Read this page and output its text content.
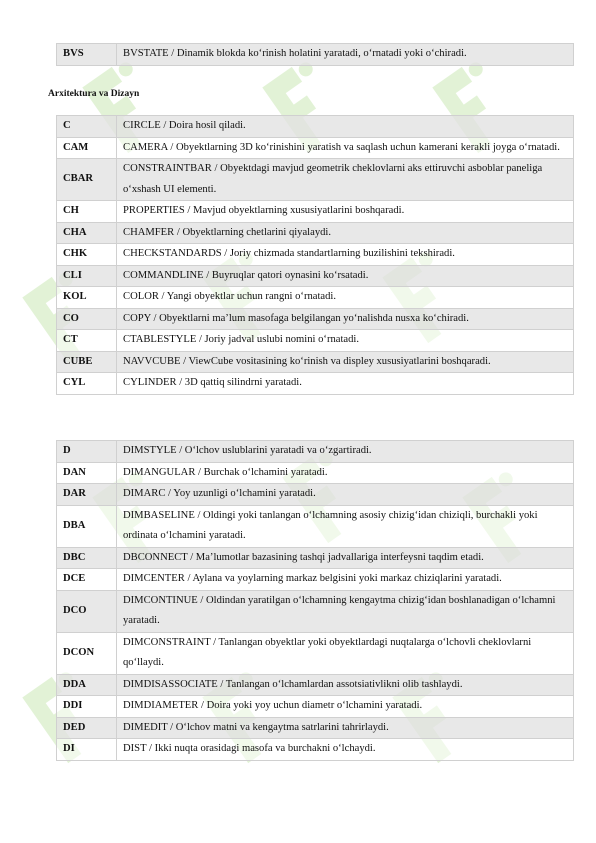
BVS	BVSTATE / Dinamik blokda koʻrinish holatini yaratadi, oʻrnatadi yoki oʻchiradi.
Arxitektura va Dizayn
C	CIRCLE / Doira hosil qiladi.
CAM	CAMERA / Obyektlarning 3D koʻrinishini yaratish va saqlash uchun kamerani kerakli joyga oʻrnatadi.
CBAR	CONSTRAINTBAR / Obyektdagi mavjud geometrik cheklovlarni aks ettiruvchi asboblar paneliga oʻxshash UI elementi.
CH	PROPERTIES / Mavjud obyektlarning xususiyatlarini boshqaradi.
CHA	CHAMFER / Obyektlarning chetlarini qiyalaydi.
CHK	CHECKSTANDARDS / Joriy chizmada standartlarning buzilishini tekshiradi.
CLI	COMMANDLINE / Buyruqlar qatori oynasini koʻrsatadi.
KOL	COLOR / Yangi obyektlar uchun rangni oʻrnatadi.
CO	COPY / Obyektlarni ma’lum masofaga belgilangan yoʻnalishda nusxa koʻchiradi.
CT	CTABLESTYLE / Joriy jadval uslubi nomini oʻrnatadi.
CUBE	NAVVCUBE / ViewCube vositasining koʻrinish va displey xususiyatlarini boshqaradi.
CYL	CYLINDER / 3D qattiq silindrni yaratadi.
D	DIMSTYLE / Oʻlchov uslublarini yaratadi va oʻzgartiradi.
DAN	DIMANGULAR / Burchak oʻlchamini yaratadi.
DAR	DIMARC / Yoy uzunligi oʻlchamini yaratadi.
DBA	DIMBASELINE / Oldingi yoki tanlangan oʻlchamning asosiy chizigʻidan chiziqli, burchakli yoki ordinata oʻlchamini yaratadi.
DBC	DBCONNECT / Ma’lumotlar bazasining tashqi jadvallariga interfeysni taqdim etadi.
DCE	DIMCENTER / Aylana va yoylarning markaz belgisini yoki markaz chiziqlarini yaratadi.
DCO	DIMCONTINUE / Oldindan yaratilgan oʻlchamning kengaytma chizigʻidan boshlanadigan oʻlchamni yaratadi.
DCON	DIMCONSTRAINT / Tanlangan obyektlar yoki obyektlardagi nuqtalarga oʻlchovli cheklovlarni qoʻllaydi.
DDA	DIMDISASSOCIATE / Tanlangan oʻlchamlardan assotsiativlikni olib tashlaydi.
DDI	DIMDIAMETER / Doira yoki yoy uchun diametr oʻlchamini yaratadi.
DED	DIMEDIT / Oʻlchov matni va kengaytma satrlarini tahrirlaydi.
DI	DIST / Ikki nuqta orasidagi masofa va burchakni oʻlchaydi.
